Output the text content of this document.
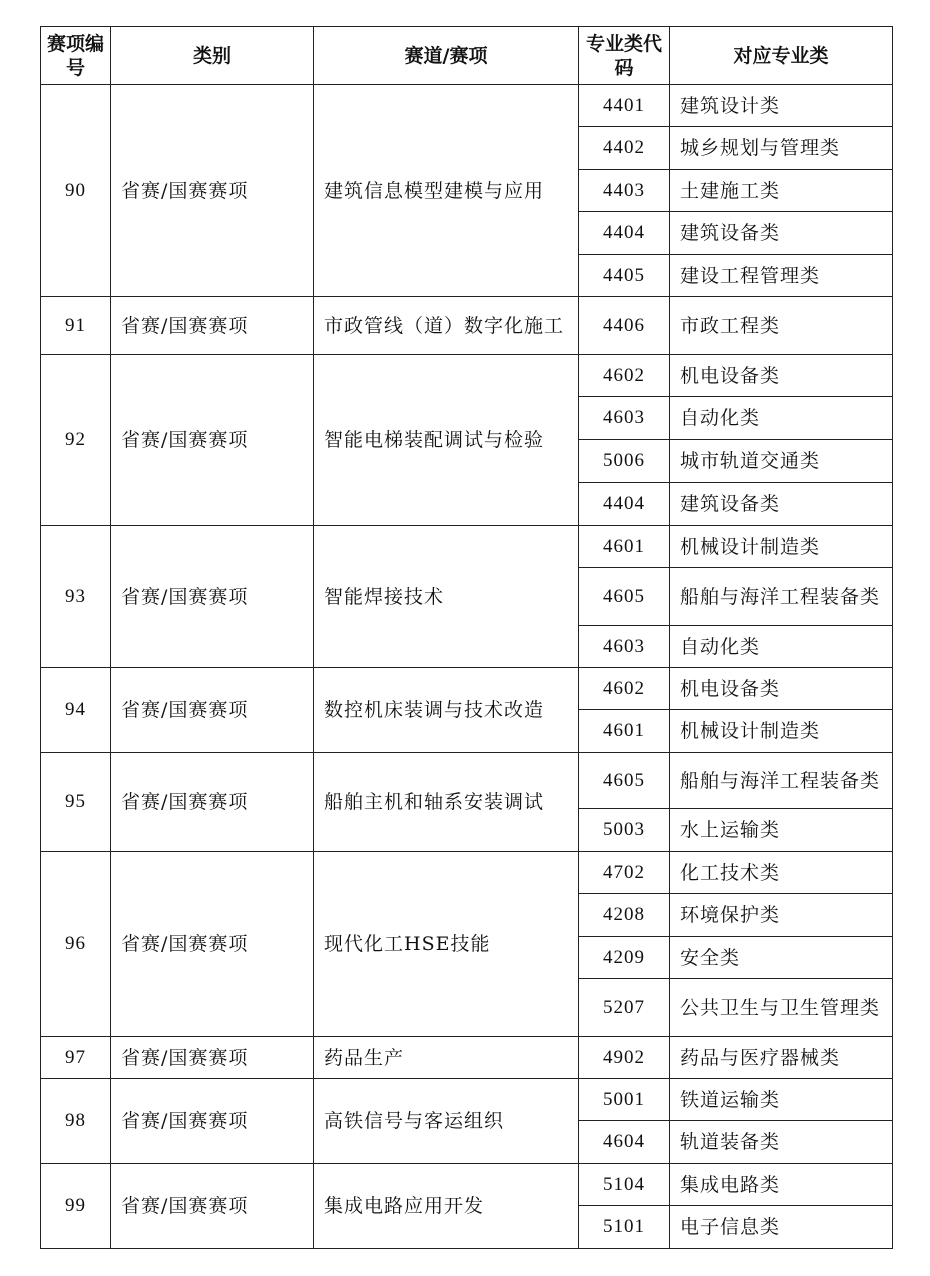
赛项编号	类别	赛道/赛项	专业类代码	对应专业类
90	省赛/国赛赛项	建筑信息模型建模与应用	4401	建筑设计类
			4402	城乡规划与管理类
			4403	土建施工类
			4404	建筑设备类
			4405	建设工程管理类
91	省赛/国赛赛项	市政管线（道）数字化施工	4406	市政工程类
92	省赛/国赛赛项	智能电梯装配调试与检验	4602	机电设备类
			4603	自动化类
			5006	城市轨道交通类
			4404	建筑设备类
93	省赛/国赛赛项	智能焊接技术	4601	机械设计制造类
			4605	船舶与海洋工程装备类
			4603	自动化类
94	省赛/国赛赛项	数控机床装调与技术改造	4602	机电设备类
			4601	机械设计制造类
95	省赛/国赛赛项	船舶主机和轴系安装调试	4605	船舶与海洋工程装备类
			5003	水上运输类
96	省赛/国赛赛项	现代化工HSE技能	4702	化工技术类
			4208	环境保护类
			4209	安全类
			5207	公共卫生与卫生管理类
97	省赛/国赛赛项	药品生产	4902	药品与医疗器械类
98	省赛/国赛赛项	高铁信号与客运组织	5001	铁道运输类
			4604	轨道装备类
99	省赛/国赛赛项	集成电路应用开发	5104	集成电路类
			5101	电子信息类
